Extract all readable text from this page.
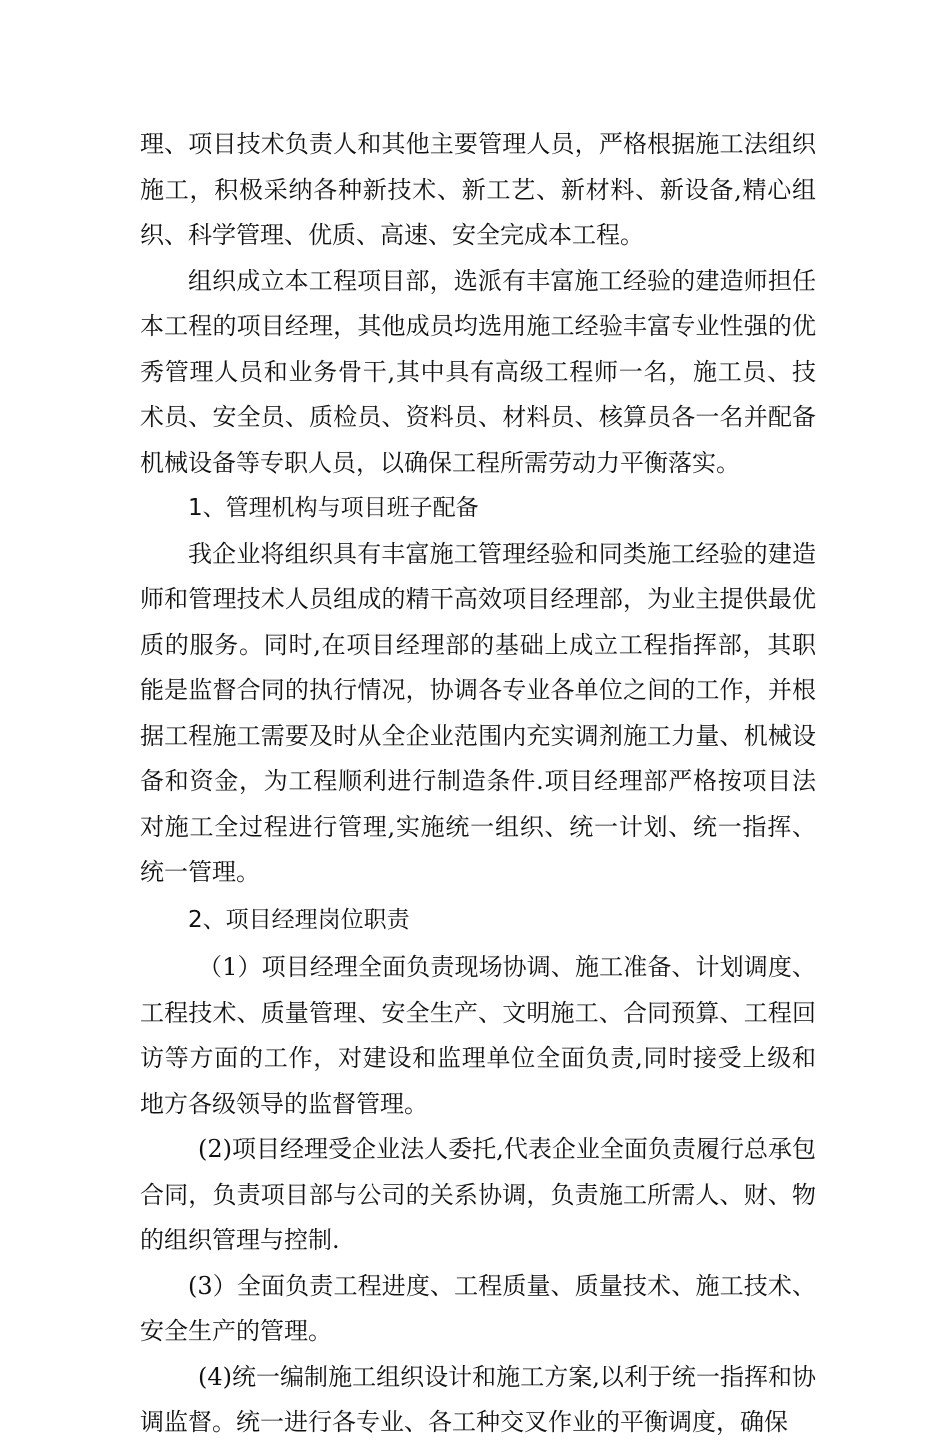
理、项目技术负责人和其他主要管理人员，严格根据施工法组织施工，积极采纳各种新技术、新工艺、新材料、新设备,精心组织、科学管理、优质、高速、安全完成本工程。

组织成立本工程项目部，选派有丰富施工经验的建造师担任本工程的项目经理，其他成员均选用施工经验丰富专业性强的优秀管理人员和业务骨干,其中具有高级工程师一名，施工员、技术员、安全员、质检员、资料员、材料员、核算员各一名并配备机械设备等专职人员，以确保工程所需劳动力平衡落实。

1、管理机构与项目班子配备

我企业将组织具有丰富施工管理经验和同类施工经验的建造师和管理技术人员组成的精干高效项目经理部，为业主提供最优质的服务。同时,在项目经理部的基础上成立工程指挥部，其职能是监督合同的执行情况，协调各专业各单位之间的工作，并根据工程施工需要及时从全企业范围内充实调剂施工力量、机械设备和资金，为工程顺利进行制造条件.项目经理部严格按项目法对施工全过程进行管理,实施统一组织、统一计划、统一指挥、统一管理。

2、项目经理岗位职责

（1）项目经理全面负责现场协调、施工准备、计划调度、工程技术、质量管理、安全生产、文明施工、合同预算、工程回访等方面的工作，对建设和监理单位全面负责,同时接受上级和地方各级领导的监督管理。

(2)项目经理受企业法人委托,代表企业全面负责履行总承包合同，负责项目部与公司的关系协调，负责施工所需人、财、物的组织管理与控制.

(3）全面负责工程进度、工程质量、质量技术、施工技术、安全生产的管理。

(4)统一编制施工组织设计和施工方案,以利于统一指挥和协调监督。统一进行各专业、各工种交叉作业的平衡调度，确保
